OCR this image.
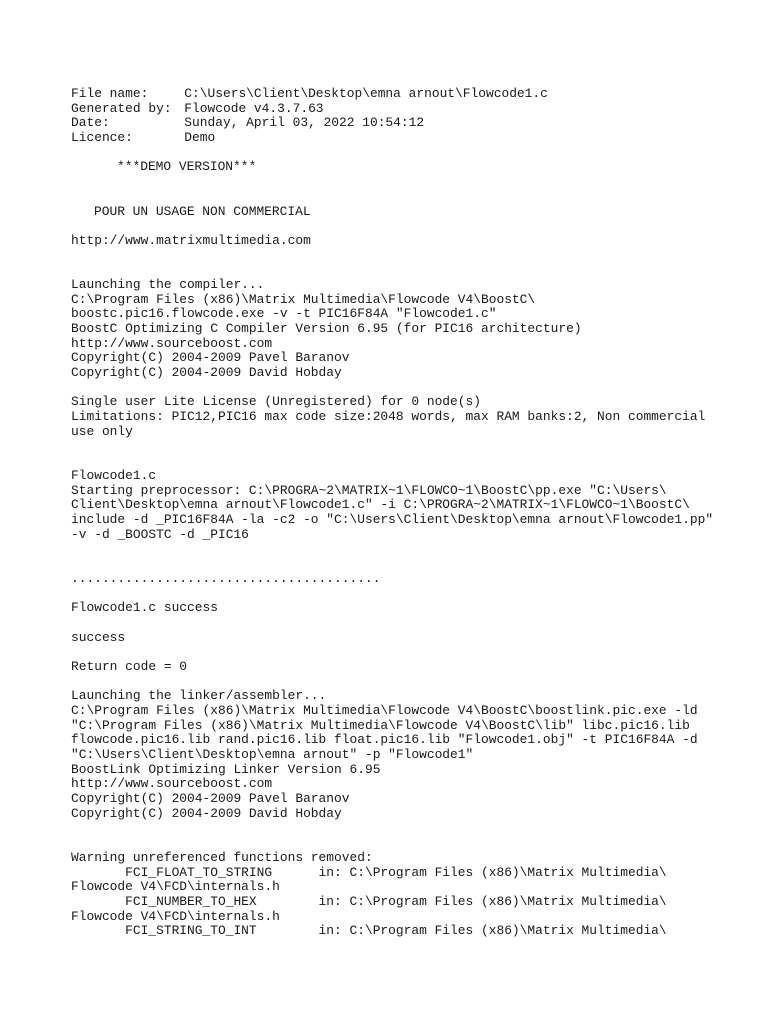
File name:	C:\Users\Client\Desktop\emna arnout\Flowcode1.c
Generated by: Flowcode v4.3.7.63
Date:	Sunday, April 03, 2022 10:54:12
Licence:	Demo
***DEMO VERSION***
POUR UN USAGE NON COMMERCIAL
http://www.matrixmultimedia.com
Launching the compiler...
C:\Program Files (x86)\Matrix Multimedia\Flowcode V4\BoostC\
boostc.pic16.flowcode.exe -v -t PIC16F84A "Flowcode1.c"
BoostC Optimizing C Compiler Version 6.95 (for PIC16 architecture)
http://www.sourceboost.com
Copyright(C) 2004-2009 Pavel Baranov
Copyright(C) 2004-2009 David Hobday
Single user Lite License (Unregistered) for 0 node(s)
Limitations: PIC12,PIC16 max code size:2048 words, max RAM banks:2, Non commercial
use only
Flowcode1.c
Starting preprocessor: C:\PROGRA~2\MATRIX~1\FLOWCO~1\BoostC\pp.exe "C:\Users\
Client\Desktop\emna arnout\Flowcode1.c" -i C:\PROGRA~2\MATRIX~1\FLOWCO~1\BoostC\
include -d _PIC16F84A -la -c2 -o "C:\Users\Client\Desktop\emna arnout\Flowcode1.pp"
-v -d _BOOSTC -d _PIC16
........................................
Flowcode1.c success
success
Return code = 0
Launching the linker/assembler...
C:\Program Files (x86)\Matrix Multimedia\Flowcode V4\BoostC\boostlink.pic.exe -ld
"C:\Program Files (x86)\Matrix Multimedia\Flowcode V4\BoostC\lib" libc.pic16.lib
flowcode.pic16.lib rand.pic16.lib float.pic16.lib "Flowcode1.obj" -t PIC16F84A -d
"C:\Users\Client\Desktop\emna arnout" -p "Flowcode1"
BoostLink Optimizing Linker Version 6.95
http://www.sourceboost.com
Copyright(C) 2004-2009 Pavel Baranov
Copyright(C) 2004-2009 David Hobday
Warning unreferenced functions removed:
FCI_FLOAT_TO_STRING      in: C:\Program Files (x86)\Matrix Multimedia\
Flowcode V4\FCD\internals.h
FCI_NUMBER_TO_HEX        in: C:\Program Files (x86)\Matrix Multimedia\
Flowcode V4\FCD\internals.h
FCI_STRING_TO_INT        in: C:\Program Files (x86)\Matrix Multimedia\
